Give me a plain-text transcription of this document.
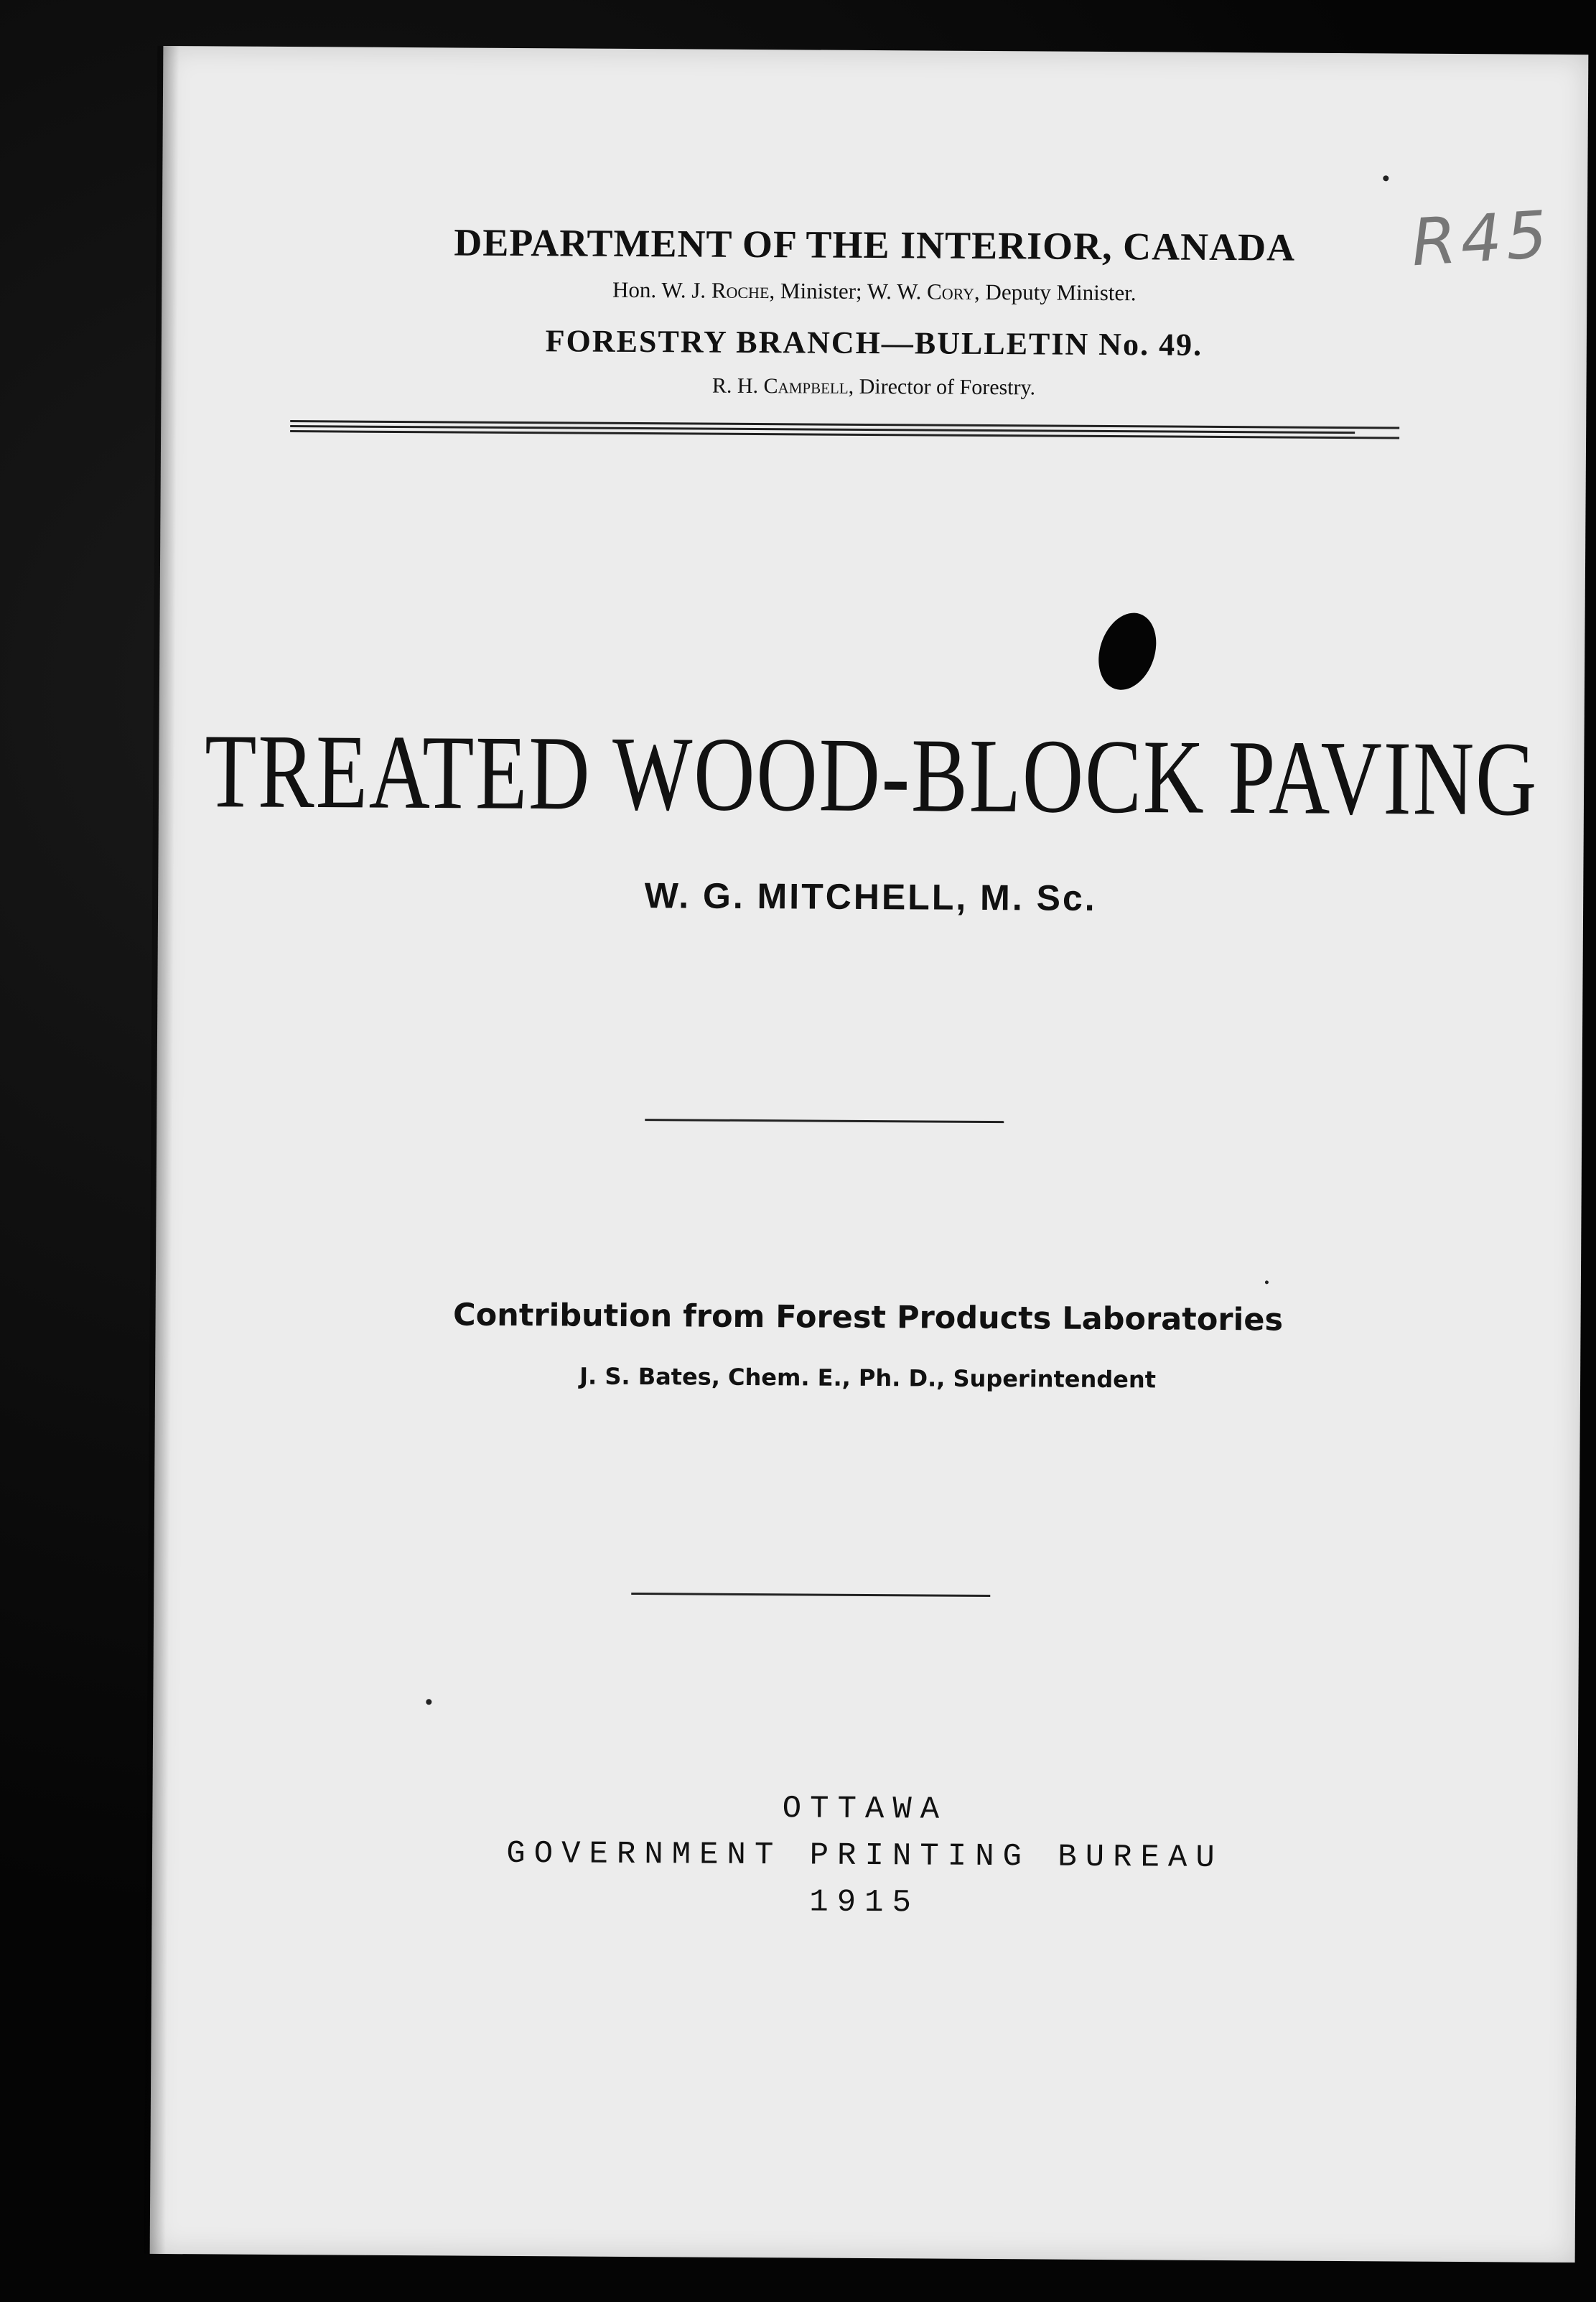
DEPARTMENT OF THE INTERIOR, CANADA
Hon. W. J. Roche, Minister; W. W. Cory, Deputy Minister.
FORESTRY BRANCH—BULLETIN No. 49.
R. H. Campbell, Director of Forestry.
R45
TREATED WOOD-BLOCK PAVING
W. G. MITCHELL, M. Sc.
Contribution from Forest Products Laboratories
J. S. Bates, Chem. E., Ph. D., Superintendent
OTTAWA
GOVERNMENT PRINTING BUREAU
1915
